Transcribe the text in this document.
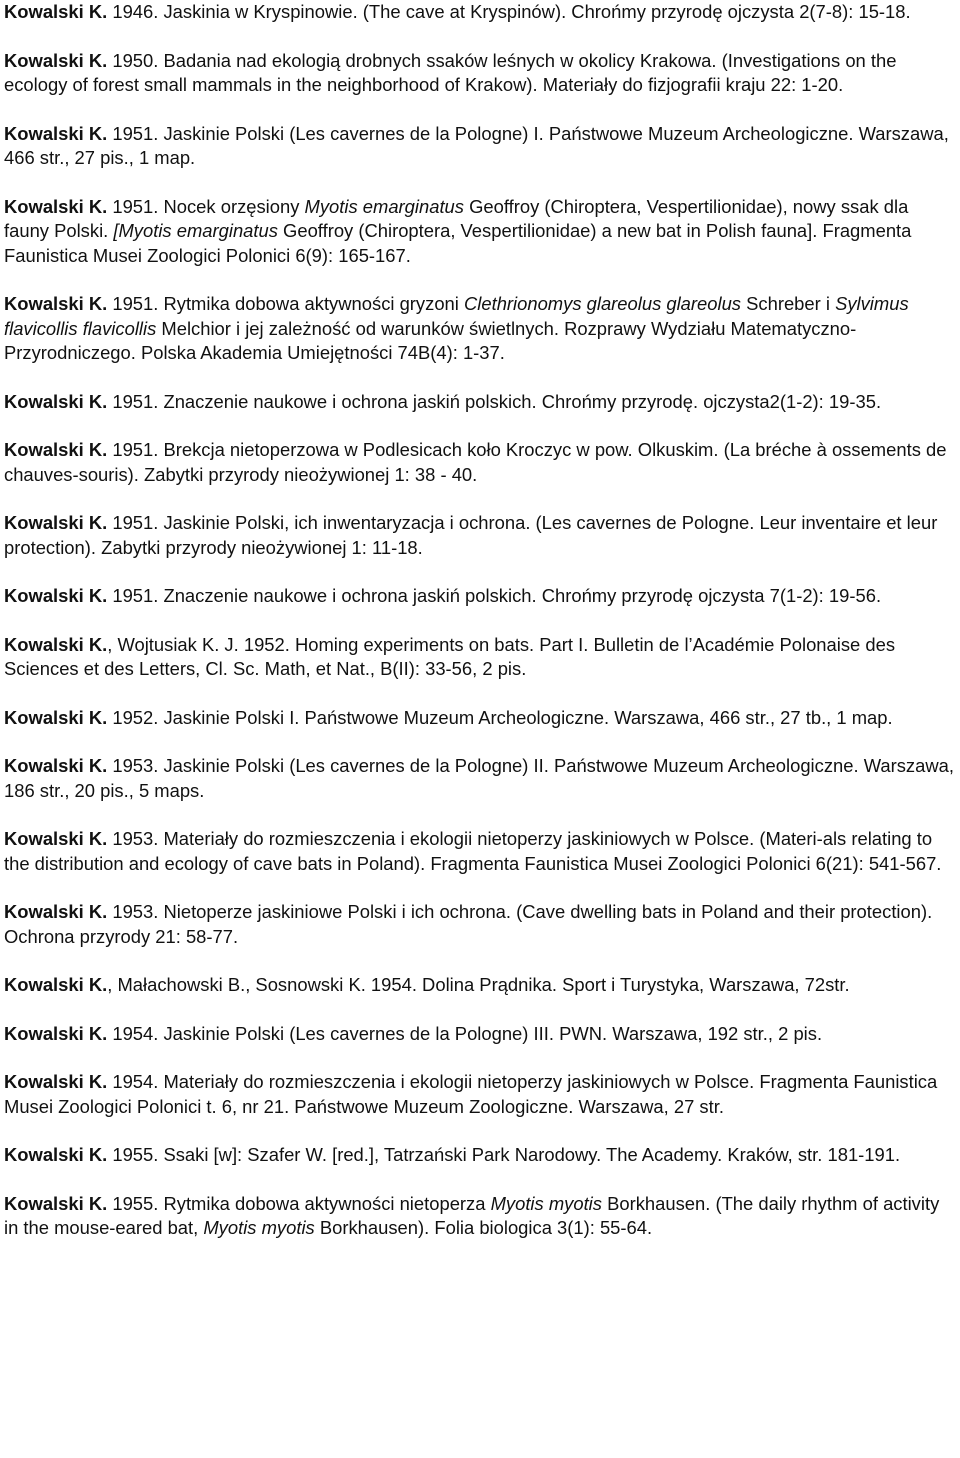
Kowalski K. 1946. Jaskinia w Kryspinowie. (The cave at Kryspinów). Chrońmy przyrodę ojczysta 2(7-8): 15-18.

Kowalski K. 1950. Badania nad ekologią drobnych ssaków leśnych w okolicy Krakowa. (Investigations on the ecology of forest small mammals in the neighborhood of Krakow). Materiały do fizjografii kraju 22: 1-20.

Kowalski K. 1951. Jaskinie Polski (Les cavernes de la Pologne) I. Państwowe Muzeum Archeologiczne. Warszawa, 466 str., 27 pis., 1 map.

Kowalski K. 1951. Nocek orzęsiony Myotis emarginatus Geoffroy (Chiroptera, Vespertilionidae), nowy ssak dla fauny Polski. [Myotis emarginatus Geoffroy (Chiroptera, Vespertilionidae) a new bat in Polish fauna]. Fragmenta Faunistica Musei Zoologici Polonici 6(9): 165-167.

Kowalski K. 1951. Rytmika dobowa aktywności gryzoni Clethrionomys glareolus glareolus Schreber i Sylvimus flavicollis flavicollis Melchior i jej zależność od warunków świetlnych. Rozprawy Wydziału Matematyczno-Przyrodniczego. Polska Akademia Umiejętności 74B(4): 1-37.

Kowalski K. 1951. Znaczenie naukowe i ochrona jaskiń polskich. Chrońmy przyrodę. ojczysta2(1-2): 19-35.

Kowalski K. 1951. Brekcja nietoperzowa w Podlesicach koło Kroczyc w pow. Olkuskim. (La bréche à ossements de chauves-souris). Zabytki przyrody nieożywionej 1: 38 - 40.

Kowalski K. 1951. Jaskinie Polski, ich inwentaryzacja i ochrona. (Les cavernes de Pologne. Leur inventaire et leur protection). Zabytki przyrody nieożywionej 1: 11-18.

Kowalski K. 1951. Znaczenie naukowe i ochrona jaskiń polskich. Chrońmy przyrodę ojczysta 7(1-2): 19-56.

Kowalski K., Wojtusiak K. J. 1952. Homing experiments on bats. Part I. Bulletin de l’Académie Polonaise des Sciences et des Letters, Cl. Sc. Math, et Nat., B(II): 33-56, 2 pis.

Kowalski K. 1952. Jaskinie Polski I. Państwowe Muzeum Archeologiczne. Warszawa, 466 str., 27 tb., 1 map.

Kowalski K. 1953. Jaskinie Polski (Les cavernes de la Pologne) II. Państwowe Muzeum Archeologiczne. Warszawa, 186 str., 20 pis., 5 maps.

Kowalski K. 1953. Materiały do rozmieszczenia i ekologii nietoperzy jaskiniowych w Polsce. (Materi-als relating to the distribution and ecology of cave bats in Poland). Fragmenta Faunistica Musei Zoologici Polonici 6(21): 541-567.

Kowalski K. 1953. Nietoperze jaskiniowe Polski i ich ochrona. (Cave dwelling bats in Poland and their protection). Ochrona przyrody 21: 58-77.

Kowalski K., Małachowski B., Sosnowski K. 1954. Dolina Prądnika. Sport i Turystyka, Warszawa, 72str.

Kowalski K. 1954. Jaskinie Polski (Les cavernes de la Pologne) III. PWN. Warszawa, 192 str., 2 pis.

Kowalski K. 1954. Materiały do rozmieszczenia i ekologii nietoperzy jaskiniowych w Polsce. Fragmenta Faunistica Musei Zoologici Polonici t. 6, nr 21. Państwowe Muzeum Zoologiczne. Warszawa, 27 str.

Kowalski K. 1955. Ssaki [w]: Szafer W. [red.], Tatrzański Park Narodowy. The Academy. Kraków, str. 181-191.

Kowalski K. 1955. Rytmika dobowa aktywności nietoperza Myotis myotis Borkhausen. (The daily rhythm of activity in the mouse-eared bat, Myotis myotis Borkhausen). Folia biologica 3(1): 55-64.
